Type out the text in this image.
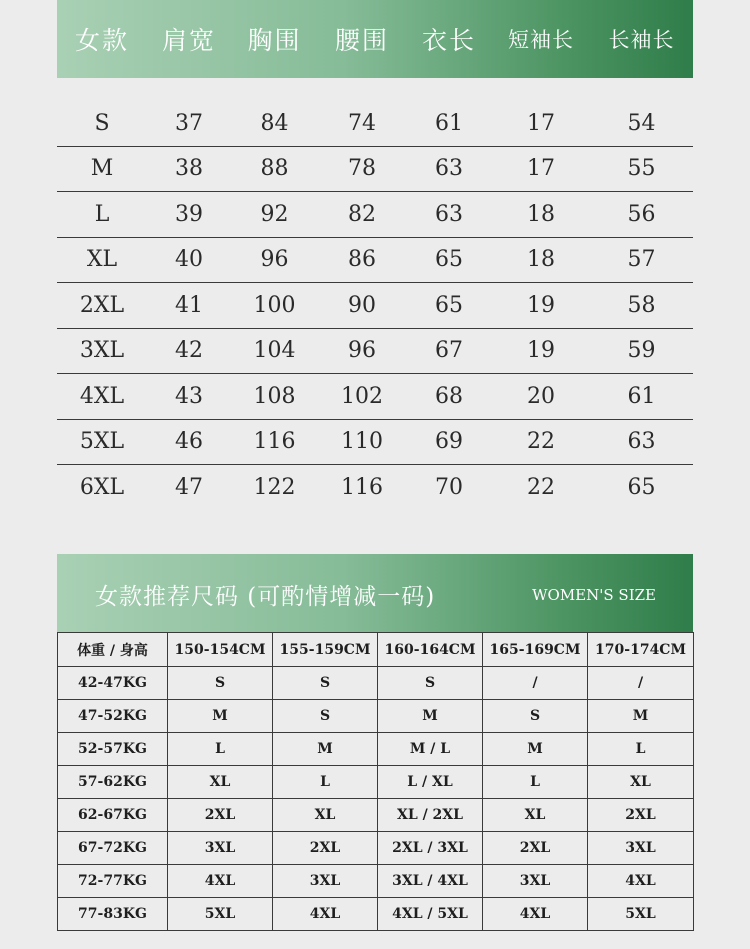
女款	肩宽	胸围	腰围	衣长	短袖长	长袖长
S	37	84	74	61	17	54
M	38	88	78	63	17	55
L	39	92	82	63	18	56
XL	40	96	86	65	18	57
2XL	41	100	90	65	19	58
3XL	42	104	96	67	19	59
4XL	43	108	102	68	20	61
5XL	46	116	110	69	22	63
6XL	47	122	116	70	22	65
女款推荐尺码 (可酌情增减一码)	WOMEN'S SIZE
体重 / 身高	150-154CM	155-159CM	160-164CM	165-169CM	170-174CM
42-47KG	S	S	S	/	/
47-52KG	M	S	M	S	M
52-57KG	L	M	M / L	M	L
57-62KG	XL	L	L / XL	L	XL
62-67KG	2XL	XL	XL / 2XL	XL	2XL
67-72KG	3XL	2XL	2XL / 3XL	2XL	3XL
72-77KG	4XL	3XL	3XL / 4XL	3XL	4XL
77-83KG	5XL	4XL	4XL / 5XL	4XL	5XL
